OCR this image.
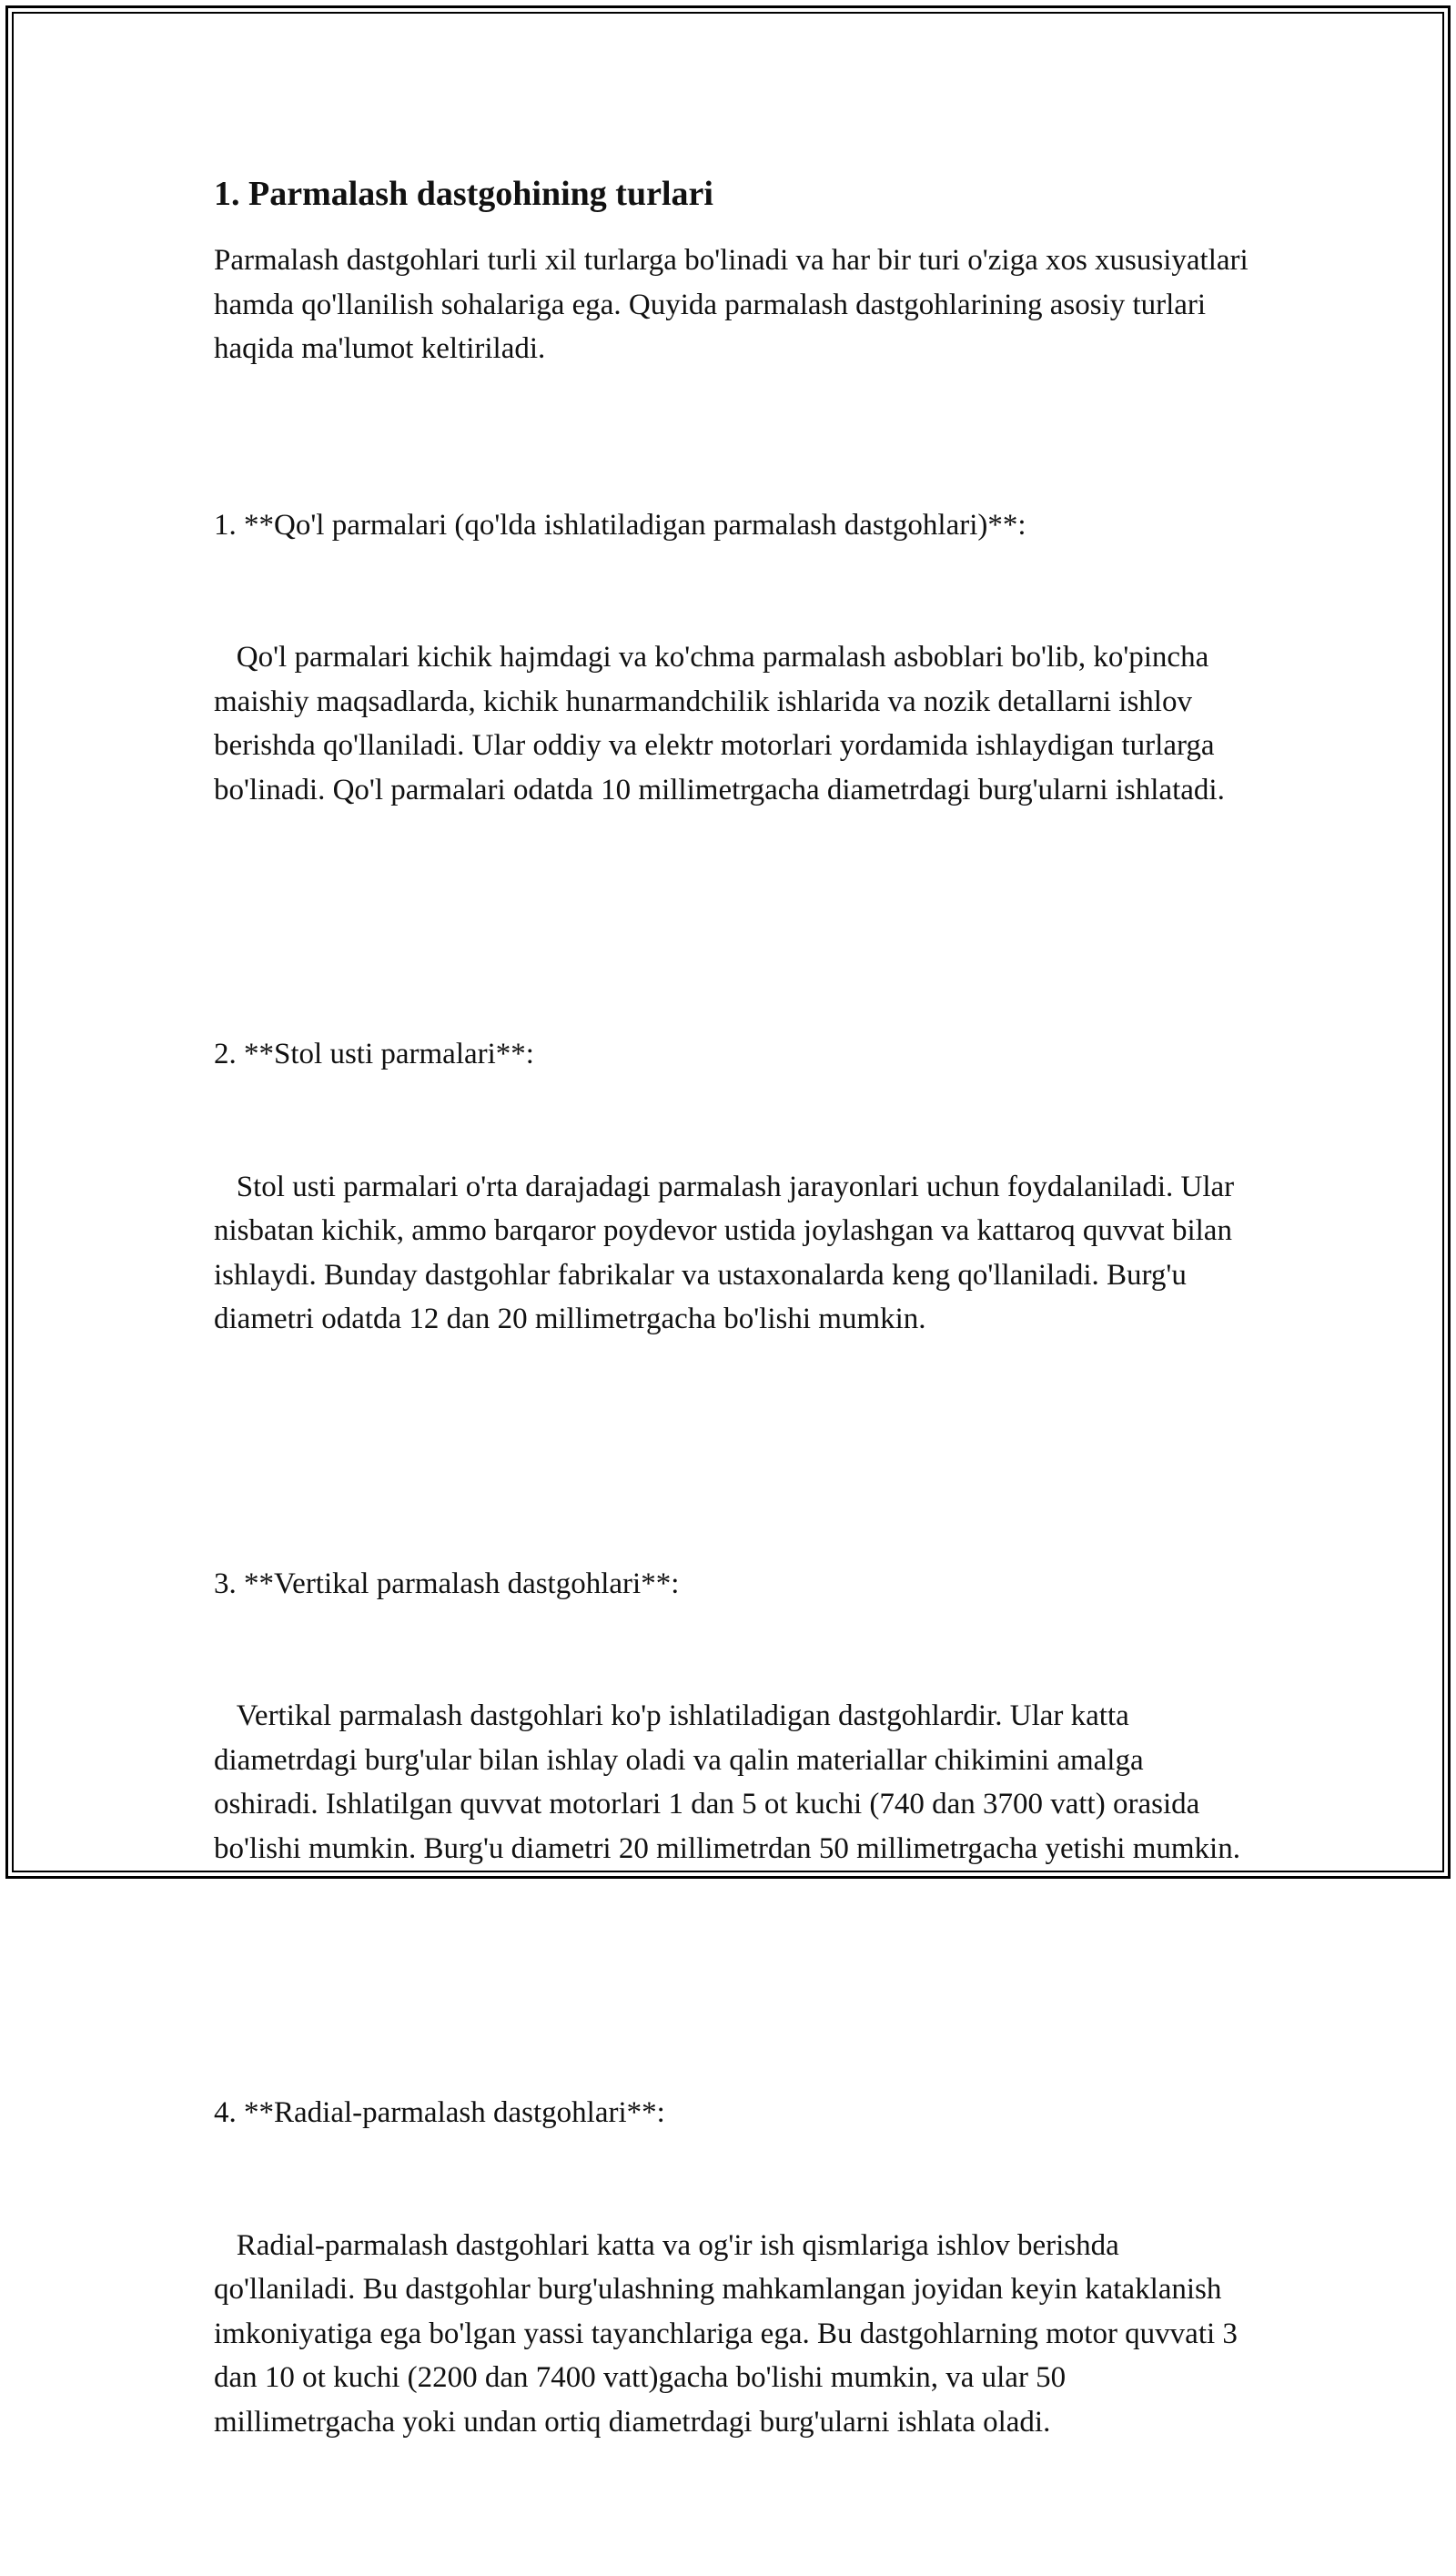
1. Parmalash dastgohining turlari

Parmalash dastgohlari turli xil turlarga bo'linadi va har bir turi o'ziga xos xususiyatlari hamda qo'llanilish sohalariga ega. Quyida parmalash dastgohlarining asosiy turlari haqida ma'lumot keltiriladi.

1. **Qo'l parmalari (qo'lda ishlatiladigan parmalash dastgohlari)**:

Qo'l parmalari kichik hajmdagi va ko'chma parmalash asboblari bo'lib, ko'pincha maishiy maqsadlarda, kichik hunarmandchilik ishlarida va nozik detallarni ishlov berishda qo'llaniladi. Ular oddiy va elektr motorlari yordamida ishlaydigan turlarga bo'linadi. Qo'l parmalari odatda 10 millimetrgacha diametrdagi burg'ularni ishlatadi.

2. **Stol usti parmalari**:

Stol usti parmalari o'rta darajadagi parmalash jarayonlari uchun foydalaniladi. Ular nisbatan kichik, ammo barqaror poydevor ustida joylashgan va kattaroq quvvat bilan ishlaydi. Bunday dastgohlar fabrikalar va ustaxonalarda keng qo'llaniladi. Burg'u diametri odatda 12 dan 20 millimetrgacha bo'lishi mumkin.

3. **Vertikal parmalash dastgohlari**:

Vertikal parmalash dastgohlari ko'p ishlatiladigan dastgohlardir. Ular katta diametrdagi burg'ular bilan ishlay oladi va qalin materiallar chikimini amalga oshiradi. Ishlatilgan quvvat motorlari 1 dan 5 ot kuchi (740 dan 3700 vatt) orasida bo'lishi mumkin. Burg'u diametri 20 millimetrdan 50 millimetrgacha yetishi mumkin.

4. **Radial-parmalash dastgohlari**:

Radial-parmalash dastgohlari katta va og'ir ish qismlariga ishlov berishda qo'llaniladi. Bu dastgohlar burg'ulashning mahkamlangan joyidan keyin kataklanish imkoniyatiga ega bo'lgan yassi tayanchlariga ega. Bu dastgohlarning motor quvvati 3 dan 10 ot kuchi (2200 dan 7400 vatt)gacha bo'lishi mumkin, va ular 50 millimetrgacha yoki undan ortiq diametrdagi burg'ularni ishlata oladi.
